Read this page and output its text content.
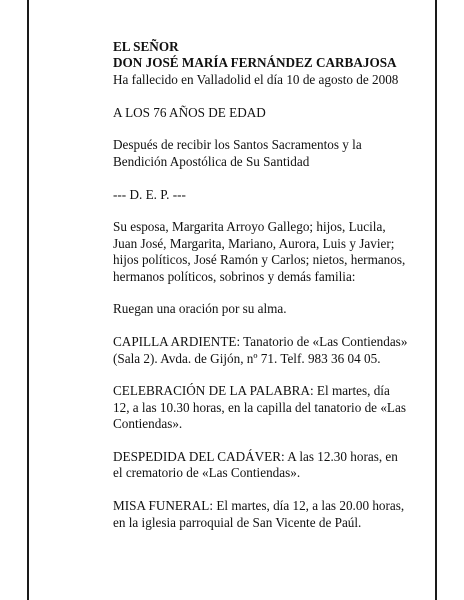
EL SEÑOR

DON JOSÉ MARÍA FERNÁNDEZ CARBAJOSA

Ha fallecido en Valladolid el día 10 de agosto de 2008

A LOS 76 AÑOS DE EDAD

Después de recibir los Santos Sacramentos y la

Bendición Apostólica de Su Santidad

--- D. E. P. ---

Su esposa, Margarita Arroyo Gallego; hijos, Lucila,

Juan José, Margarita, Mariano, Aurora, Luis y Javier;

hijos políticos, José Ramón y Carlos; nietos, hermanos,

hermanos políticos, sobrinos y demás familia:

Ruegan una oración por su alma.

CAPILLA ARDIENTE: Tanatorio de «Las Contiendas»

(Sala 2). Avda. de Gijón, nº 71. Telf. 983 36 04 05.

CELEBRACIÓN DE LA PALABRA: El martes, día

12, a las 10.30 horas, en la capilla del tanatorio de «Las

Contiendas».

DESPEDIDA DEL CADÁVER: A las 12.30 horas, en

el crematorio de «Las Contiendas».

MISA FUNERAL: El martes, día 12, a las 20.00 horas,

en la iglesia parroquial de San Vicente de Paúl.
